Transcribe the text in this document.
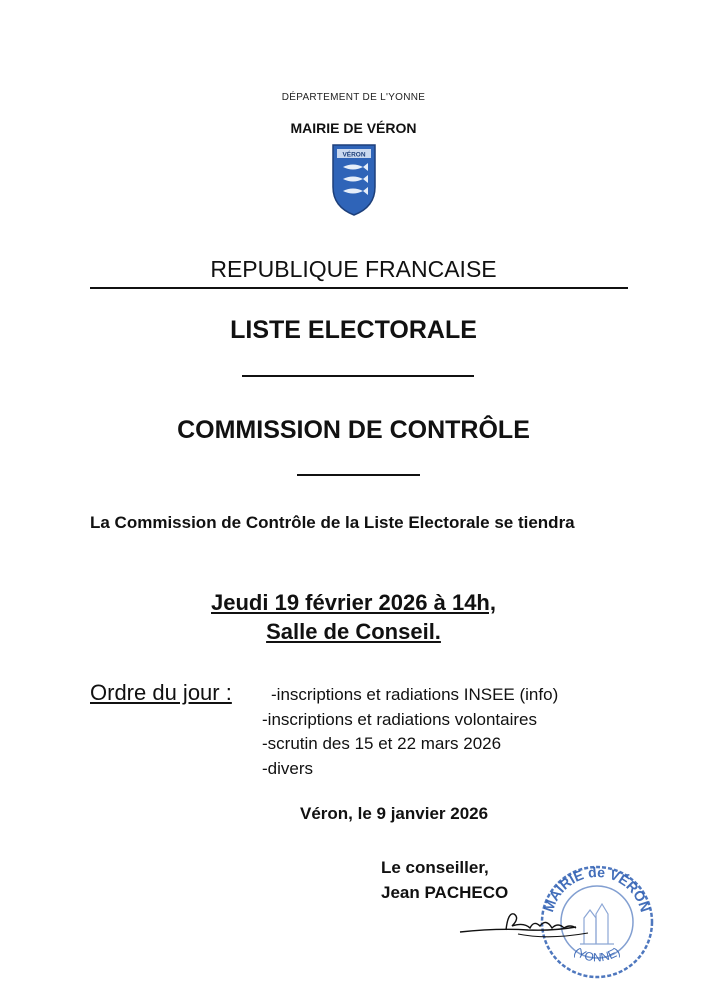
DÉPARTEMENT DE L'YONNE
MAIRIE DE VÉRON
VÉRON
REPUBLIQUE FRANCAISE
LISTE ELECTORALE
COMMISSION DE CONTRÔLE
La Commission de Contrôle de la Liste Electorale se tiendra
Jeudi 19 février 2026 à 14h,
Salle de Conseil.
Ordre du jour : -inscriptions et radiations INSEE (info)
-inscriptions et radiations volontaires
-scrutin des 15 et 22 mars 2026
-divers
Véron, le 9 janvier 2026
Le conseiller,
Jean PACHECO
MAIRIE de VÉRON
(YONNE)
